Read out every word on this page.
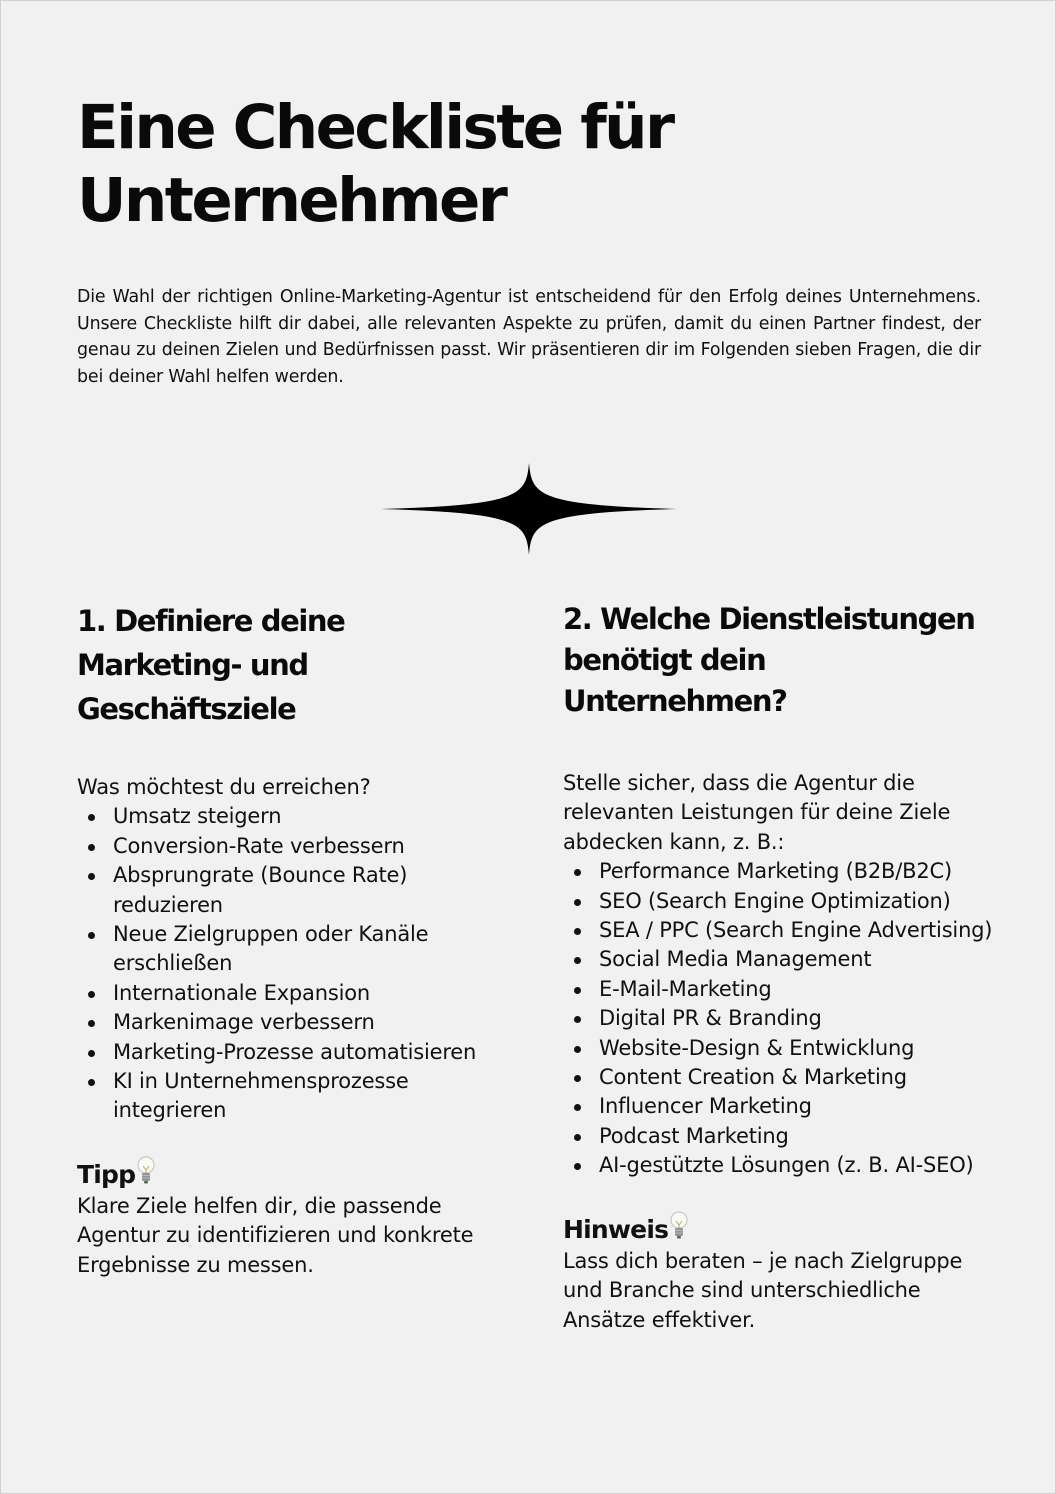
Eine Checkliste für Unternehmer

Die Wahl der richtigen Online-Marketing-Agentur ist entscheidend für den Erfolg deines Unternehmens. Unsere Checkliste hilft dir dabei, alle relevanten Aspekte zu prüfen, damit du einen Partner findest, der genau zu deinen Zielen und Bedürfnissen passt. Wir präsentieren dir im Folgenden sieben Fragen, die dir bei deiner Wahl helfen werden.

1. Definiere deine Marketing- und Geschäftsziele

Was möchtest du erreichen?

Umsatz steigern
Conversion-Rate verbessern
Absprungrate (Bounce Rate) reduzieren
Neue Zielgruppen oder Kanäle erschließen
Internationale Expansion
Markenimage verbessern
Marketing-Prozesse automatisieren
KI in Unternehmensprozesse integrieren

Tipp

Klare Ziele helfen dir, die passende Agentur zu identifizieren und konkrete Ergebnisse zu messen.

2. Welche Dienstleistungen benötigt dein Unternehmen?

Stelle sicher, dass die Agentur die relevanten Leistungen für deine Ziele abdecken kann, z. B.:

Performance Marketing (B2B/B2C)
SEO (Search Engine Optimization)
SEA / PPC (Search Engine Advertising)
Social Media Management
E-Mail-Marketing
Digital PR & Branding
Website-Design & Entwicklung
Content Creation & Marketing
Influencer Marketing
Podcast Marketing
AI-gestützte Lösungen (z. B. AI-SEO)

Hinweis

Lass dich beraten – je nach Zielgruppe und Branche sind unterschiedliche Ansätze effektiver.
